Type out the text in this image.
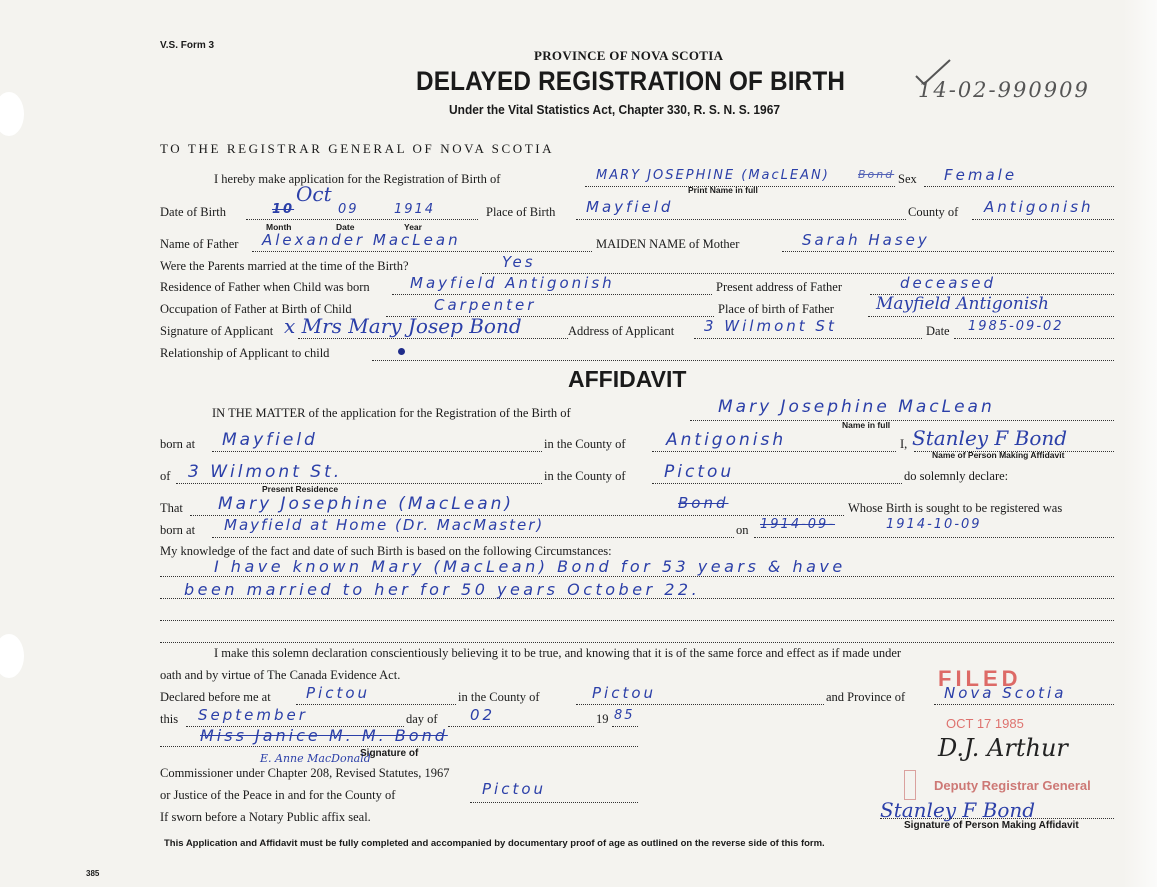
V.S. Form 3
PROVINCE OF NOVA SCOTIA
DELAYED REGISTRATION OF BIRTH
Under the Vital Statistics Act, Chapter 330, R. S. N. S. 1967
14-02-990909
TO THE REGISTRAR GENERAL OF NOVA SCOTIA
I hereby make application for the Registration of Birth of	MARY JOSEPHINE (MacLEAN)	Bond
Print Name in full
Sex Female
Date of Birth
Oct
10	09	1914
Month	Date	Year
Place of Birth Mayfield	County of Antigonish
Name of Father Alexander MacLean	MAIDEN NAME of Mother	Sarah Hasey
Were the Parents married at the time of the Birth?	Yes
Residence of Father when Child was born	Mayfield Antigonish	Present address of Father	deceased
Occupation of Father at Birth of Child	Carpenter	Place of birth of Father Mayfield Antigonish
Signature of Applicant x Mrs Mary Josep Bond	Address of Applicant 3 Wilmont St	Date 1985-09-02
Relationship of Applicant to child
AFFIDAVIT
IN THE MATTER of the application for the Registration of the Birth of	Mary Josephine MacLean
Name in full
born at Mayfield	in the County of Antigonish	I, Stanley F Bond
Name of Person Making Affidavit
of 3 Wilmont St.
Present Residence
in the County of Pictou	do solemnly declare:
That Mary Josephine (MacLean)	Bond	Whose Birth is sought to be registered was
born at Mayfield at Home (Dr. MacMaster)	on 1914-09-	1914-10-09
My knowledge of the fact and date of such Birth is based on the following Circumstances:
I have known Mary (MacLean) Bond for 53 years & have
been married to her for 50 years October 22.
I make this solemn declaration conscientiously believing it to be true, and knowing that it is of the same force and effect as if made under
oath and by virtue of The Canada Evidence Act.
Declared before me at Pictou	in the County of	Pictou	and Province of	Nova Scotia
this September	day of 02	19 85
Miss Janice M. M. Bond
E. Anne MacDonald
Signature of
Commissioner under Chapter 208, Revised Statutes, 1967
or Justice of the Peace in and for the County of	Pictou
If sworn before a Notary Public affix seal.
FILED
OCT 17 1985
D.J. Arthur
Deputy Registrar General
Stanley F Bond
Signature of Person Making Affidavit
This Application and Affidavit must be fully completed and accompanied by documentary proof of age as outlined on the reverse side of this form.
385
